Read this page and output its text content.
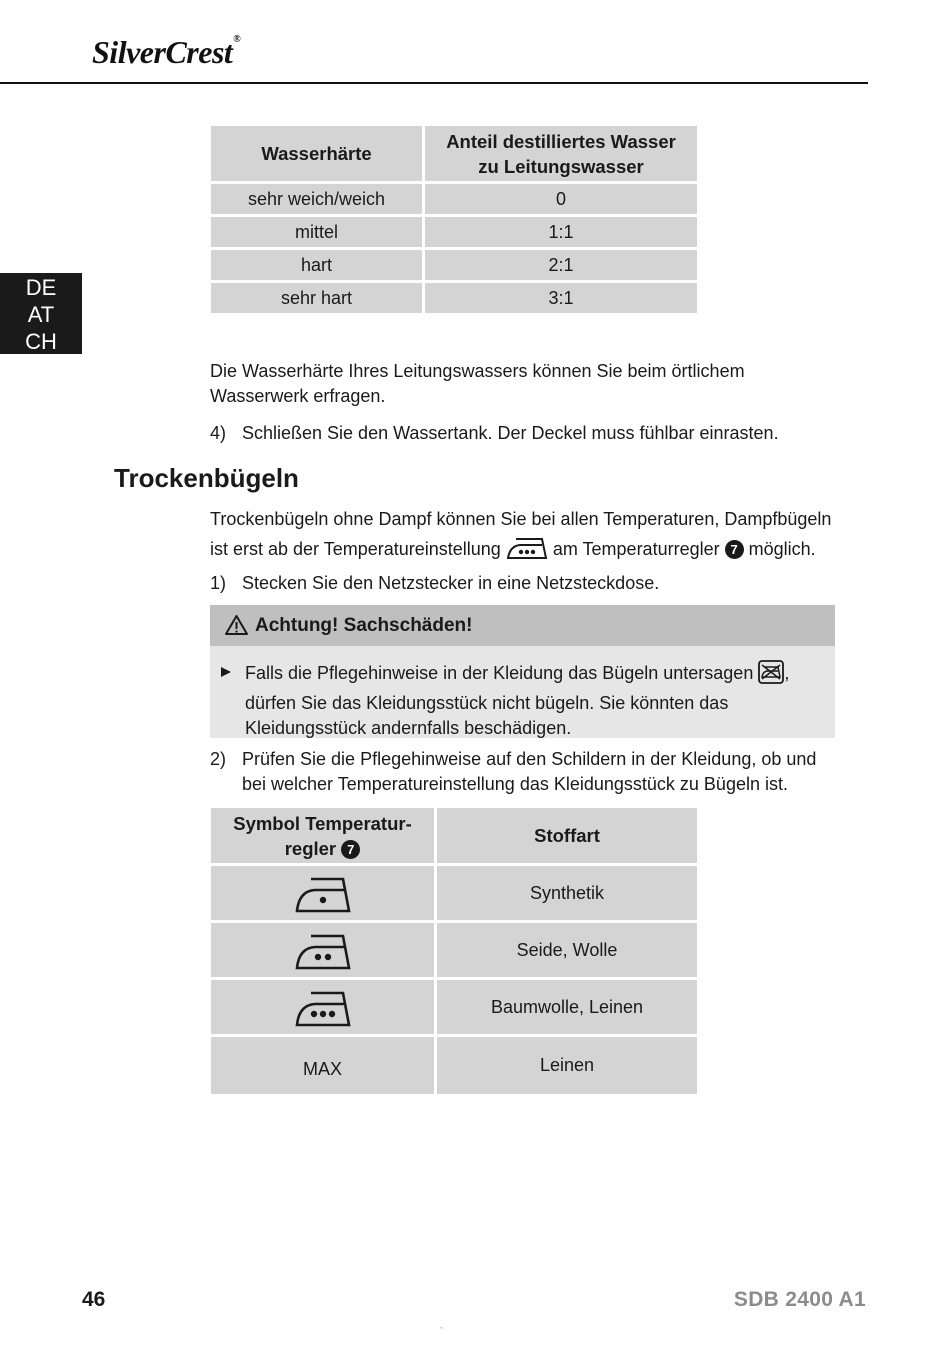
SilverCrest®
DE
AT
CH
Wasserhärte	Anteil destilliertes Wasser zu Leitungswasser
sehr weich/weich	0
mittel	1:1
hart	2:1
sehr hart	3:1
Die Wasserhärte Ihres Leitungswassers können Sie beim örtlichem Wasserwerk erfragen.
4) Schließen Sie den Wassertank. Der Deckel muss fühlbar einrasten.
Trockenbügeln
Trockenbügeln ohne Dampf können Sie bei allen Temperaturen, Dampfbügeln ist erst ab der Temperatureinstellung	am Temperaturregler 7 möglich.
1) Stecken Sie den Netzstecker in eine Netzsteckdose.
Achtung! Sachschäden!
Falls die Pflegehinweise in der Kleidung das Bügeln untersagen , dürfen Sie das Kleidungsstück nicht bügeln. Sie könnten das Kleidungsstück andernfalls beschädigen.
2) Prüfen Sie die Pflegehinweise auf den Schildern in der Kleidung, ob und bei welcher Temperatureinstellung das Kleidungsstück zu Bügeln ist.
Symbol Temperatur-regler 7	Stoffart

	Synthetik

	Seide, Wolle

	Baumwolle, Leinen
MAX	Leinen
46	SDB 2400 A1
ˇ
